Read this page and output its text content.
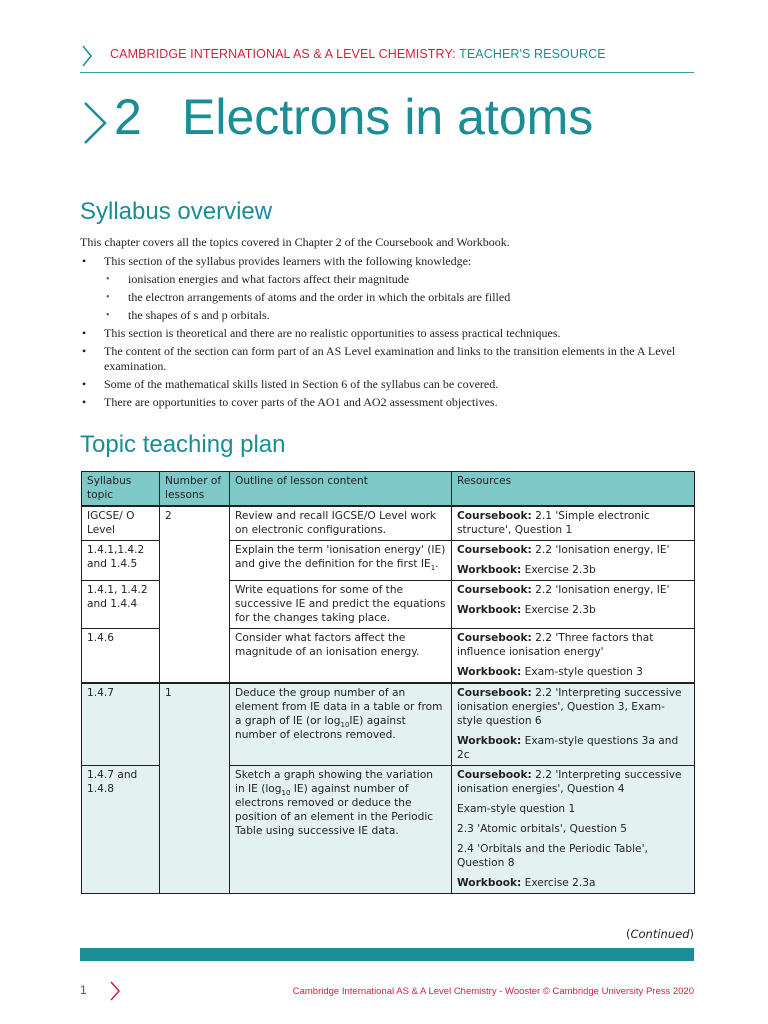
CAMBRIDGE INTERNATIONAL AS & A LEVEL CHEMISTRY: TEACHER'S RESOURCE
2 Electrons in atoms
Syllabus overview
This chapter covers all the topics covered in Chapter 2 of the Coursebook and Workbook.
• This section of the syllabus provides learners with the following knowledge:
• ionisation energies and what factors affect their magnitude
• the electron arrangements of atoms and the order in which the orbitals are filled
• the shapes of s and p orbitals.
• This section is theoretical and there are no realistic opportunities to assess practical techniques.
• The content of the section can form part of an AS Level examination and links to the transition elements in the A Level examination.
• Some of the mathematical skills listed in Section 6 of the syllabus can be covered.
• There are opportunities to cover parts of the AO1 and AO2 assessment objectives.
Topic teaching plan
Syllabus topic	Number of lessons	Outline of lesson content	Resources
IGCSE/ O Level	2	Review and recall IGCSE/O Level work on electronic configurations.	Coursebook: 2.1 'Simple electronic structure', Question 1

1.4.1,1.4.2 and 1.4.5		Explain the term 'ionisation energy' (IE) and give the definition for the first $IE_1$.	Coursebook: 2.2 'Ionisation energy, IE'

Workbook: Exercise 2.3b

1.4.1, 1.4.2 and 1.4.4		Write equations for some of the successive IE and predict the equations for the changes taking place.	Coursebook: 2.2 'Ionisation energy, IE'

Workbook: Exercise 2.3b

1.4.6		Consider what factors affect the magnitude of an ionisation energy.	Coursebook: 2.2 'Three factors that influence ionisation energy'

Workbook: Exam-style question 3

1.4.7	1	Deduce the group number of an element from IE data in a table or from a graph of IE (or $\log_{10}IE$) against number of electrons removed.	Coursebook: 2.2 'Interpreting successive ionisation energies', Question 3, Exam-style question 6

Workbook: Exam-style questions 3a and 2c

1.4.7 and 1.4.8		Sketch a graph showing the variation in IE ($\log_{10}$ IE) against number of electrons removed or deduce the position of an element in the Periodic Table using successive IE data.	Coursebook: 2.2 'Interpreting successive ionisation energies', Question 4

Exam-style question 1

2.3 'Atomic orbitals', Question 5

2.4 'Orbitals and the Periodic Table', Question 8

Workbook: Exercise 2.3a

(Continued)
1	Cambridge International AS & A Level Chemistry - Wooster © Cambridge University Press 2020
